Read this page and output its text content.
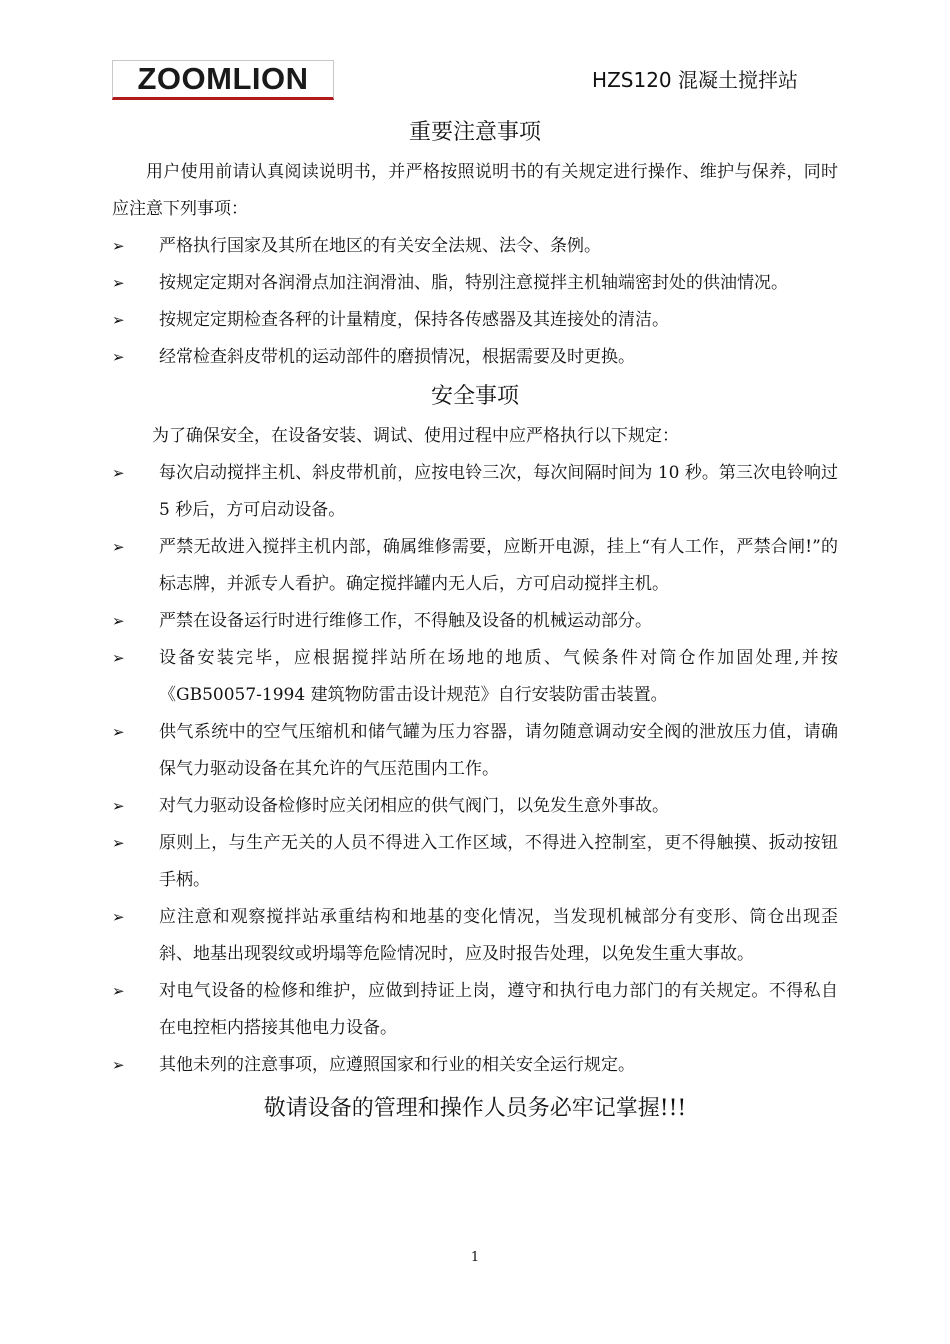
ZOOMLION	HZS120 混凝土搅拌站
重要注意事项

用户使用前请认真阅读说明书，并严格按照说明书的有关规定进行操作、维护与保养，同时应注意下列事项：

➢	严格执行国家及其所在地区的有关安全法规、法令、条例。
➢	按规定定期对各润滑点加注润滑油、脂，特别注意搅拌主机轴端密封处的供油情况。
➢	按规定定期检查各秤的计量精度，保持各传感器及其连接处的清洁。
➢	经常检查斜皮带机的运动部件的磨损情况，根据需要及时更换。
安全事项

为了确保安全，在设备安装、调试、使用过程中应严格执行以下规定：

➢	每次启动搅拌主机、斜皮带机前，应按电铃三次，每次间隔时间为 10 秒。第三次电铃响过 5 秒后，方可启动设备。
➢	严禁无故进入搅拌主机内部，确属维修需要，应断开电源，挂上“有人工作，严禁合闸!”的标志牌，并派专人看护。确定搅拌罐内无人后，方可启动搅拌主机。
➢	严禁在设备运行时进行维修工作，不得触及设备的机械运动部分。
➢	设备安装完毕，应根据搅拌站所在场地的地质、气候条件对筒仓作加固处理,并按《GB50057-1994 建筑物防雷击设计规范》自行安装防雷击装置。
➢	供气系统中的空气压缩机和储气罐为压力容器，请勿随意调动安全阀的泄放压力值，请确保气力驱动设备在其允许的气压范围内工作。
➢	对气力驱动设备检修时应关闭相应的供气阀门，以免发生意外事故。
➢	原则上，与生产无关的人员不得进入工作区域，不得进入控制室，更不得触摸、扳动按钮手柄。
➢	应注意和观察搅拌站承重结构和地基的变化情况，当发现机械部分有变形、筒仓出现歪斜、地基出现裂纹或坍塌等危险情况时，应及时报告处理，以免发生重大事故。
➢	对电气设备的检修和维护，应做到持证上岗，遵守和执行电力部门的有关规定。不得私自在电控柜内搭接其他电力设备。
➢	其他未列的注意事项，应遵照国家和行业的相关安全运行规定。
敬请设备的管理和操作人员务必牢记掌握!!!
1
